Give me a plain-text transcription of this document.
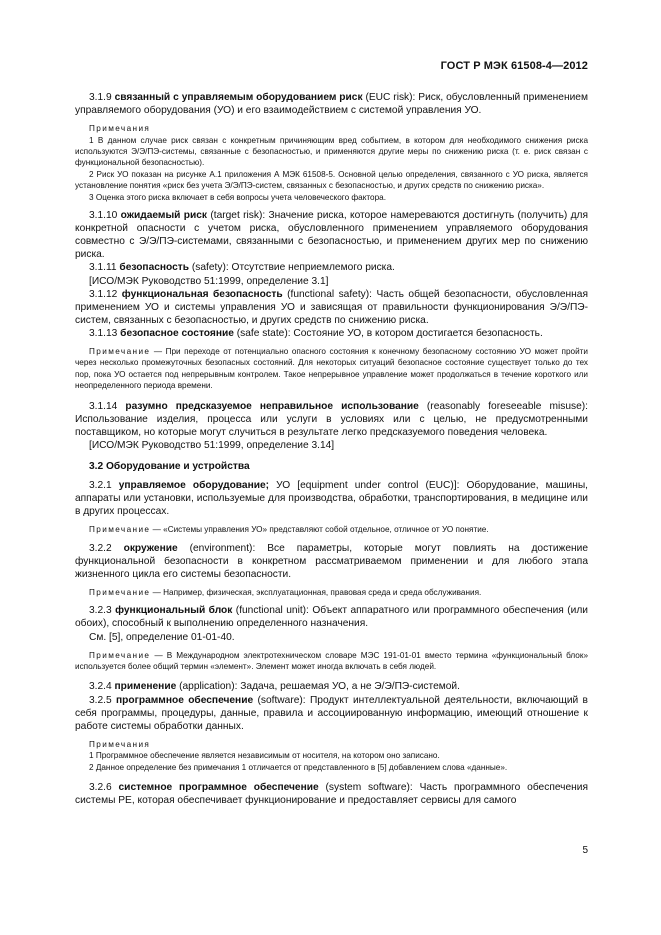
ГОСТ Р МЭК 61508-4—2012

3.1.9 связанный с управляемым оборудованием риск (EUC risk): Риск, обусловленный применением управляемого оборудования (УО) и его взаимодействием с системой управления УО.

Примечания

1 В данном случае риск связан с конкретным причиняющим вред событием, в котором для необходимого снижения риска используются Э/Э/ПЭ-системы, связанные с безопасностью, и применяются другие меры по снижению риска (т. е. риск связан с функциональной безопасностью).

2 Риск УО показан на рисунке А.1 приложения А МЭК 61508-5. Основной целью определения, связанного с УО риска, является установление понятия «риск без учета Э/Э/ПЭ-систем, связанных с безопасностью, и других средств по снижению риска».

3 Оценка этого риска включает в себя вопросы учета человеческого фактора.

3.1.10 ожидаемый риск (target risk): Значение риска, которое намереваются достигнуть (получить) для конкретной опасности с учетом риска, обусловленного применением управляемого оборудования совместно с Э/Э/ПЭ-системами, связанными с безопасностью, и применением других мер по снижению риска.

3.1.11 безопасность (safety): Отсутствие неприемлемого риска.

[ИСО/МЭК Руководство 51:1999, определение 3.1]

3.1.12 функциональная безопасность (functional safety): Часть общей безопасности, обусловленная применением УО и системы управления УО и зависящая от правильности функционирования Э/Э/ПЭ-систем, связанных с безопасностью, и других средств по снижению риска.

3.1.13 безопасное состояние (safe state): Состояние УО, в котором достигается безопасность.

Примечание — При переходе от потенциально опасного состояния к конечному безопасному состоянию УО может пройти через несколько промежуточных безопасных состояний. Для некоторых ситуаций безопасное состояние существует только до тех пор, пока УО остается под непрерывным контролем. Такое непрерывное управление может продолжаться в течение короткого или неопределенного периода времени.

3.1.14 разумно предсказуемое неправильное использование (reasonably foreseeable misuse): Использование изделия, процесса или услуги в условиях или с целью, не предусмотренными поставщиком, но которые могут случиться в результате легко предсказуемого поведения человека.

[ИСО/МЭК Руководство 51:1999, определение 3.14]

3.2 Оборудование и устройства

3.2.1 управляемое оборудование; УО [equipment under control (EUC)]: Оборудование, машины, аппараты или установки, используемые для производства, обработки, транспортирования, в медицине или в других процессах.

Примечание — «Системы управления УО» представляют собой отдельное, отличное от УО понятие.

3.2.2 окружение (environment): Все параметры, которые могут повлиять на достижение функциональной безопасности в конкретном рассматриваемом применении и для любого этапа жизненного цикла его системы безопасности.

Примечание — Например, физическая, эксплуатационная, правовая среда и среда обслуживания.

3.2.3 функциональный блок (functional unit): Объект аппаратного или программного обеспечения (или обоих), способный к выполнению определенного назначения.

См. [5], определение 01-01-40.

Примечание — В Международном электротехническом словаре МЭС 191-01-01 вместо термина «функциональный блок» используется более общий термин «элемент». Элемент может иногда включать в себя людей.

3.2.4 применение (application): Задача, решаемая УО, а не Э/Э/ПЭ-системой.

3.2.5 программное обеспечение (software): Продукт интеллектуальной деятельности, включающий в себя программы, процедуры, данные, правила и ассоциированную информацию, имеющий отношение к работе системы обработки данных.

Примечания

1 Программное обеспечение является независимым от носителя, на котором оно записано.

2 Данное определение без примечания 1 отличается от представленного в [5] добавлением слова «данные».

3.2.6 системное программное обеспечение (system software): Часть программного обеспечения системы PE, которая обеспечивает функционирование и предоставляет сервисы для самого

5
